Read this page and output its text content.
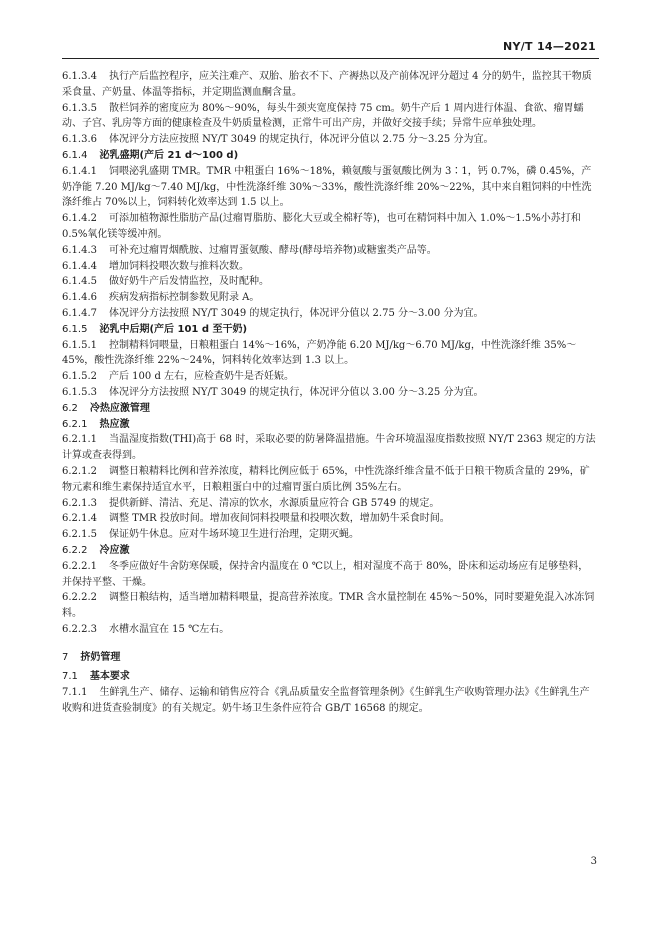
NY/T 14—2021
6.1.3.4 执行产后监控程序，应关注难产、双胎、胎衣不下、产褥热以及产前体况评分超过 4 分的奶牛，监控其干物质采食量、产奶量、体温等指标，并定期监测血酮含量。
6.1.3.5 散栏饲养的密度应为 80%～90%，每头牛颈夹宽度保持 75 cm。奶牛产后 1 周内进行体温、食欲、瘤胃蠕动、子宫、乳房等方面的健康检查及牛奶质量检测，正常牛可出产房，并做好交接手续；异常牛应单独处理。
6.1.3.6 体况评分方法应按照 NY/T 3049 的规定执行，体况评分值以 2.75 分～3.25 分为宜。
6.1.4 泌乳盛期(产后 21 d～100 d)
6.1.4.1 饲喂泌乳盛期 TMR。TMR 中粗蛋白 16%～18%，赖氨酸与蛋氨酸比例为 3∶1，钙 0.7%，磷 0.45%，产奶净能 7.20 MJ/kg～7.40 MJ/kg，中性洗涤纤维 30%～33%，酸性洗涤纤维 20%～22%，其中来自粗饲料的中性洗涤纤维占 70%以上，饲料转化效率达到 1.5 以上。
6.1.4.2 可添加植物源性脂肪产品(过瘤胃脂肪、膨化大豆或全棉籽等)，也可在精饲料中加入 1.0%～1.5%小苏打和 0.5%氧化镁等缓冲剂。
6.1.4.3 可补充过瘤胃烟酰胺、过瘤胃蛋氨酸、酵母(酵母培养物)或糖蜜类产品等。
6.1.4.4 增加饲料投喂次数与推料次数。
6.1.4.5 做好奶牛产后发情监控，及时配种。
6.1.4.6 疾病发病指标控制参数见附录 A。
6.1.4.7 体况评分方法按照 NY/T 3049 的规定执行，体况评分值以 2.75 分～3.00 分为宜。
6.1.5 泌乳中后期(产后 101 d 至干奶)
6.1.5.1 控制精料饲喂量，日粮粗蛋白 14%～16%，产奶净能 6.20 MJ/kg～6.70 MJ/kg，中性洗涤纤维 35%～45%，酸性洗涤纤维 22%～24%，饲料转化效率达到 1.3 以上。
6.1.5.2 产后 100 d 左右，应检查奶牛是否妊娠。
6.1.5.3 体况评分方法按照 NY/T 3049 的规定执行，体况评分值以 3.00 分～3.25 分为宜。
6.2 冷热应激管理
6.2.1 热应激
6.2.1.1 当温湿度指数(THI)高于 68 时，采取必要的防暑降温措施。牛舍环境温湿度指数按照 NY/T 2363 规定的方法计算或查表得到。
6.2.1.2 调整日粮精料比例和营养浓度，精料比例应低于 65%，中性洗涤纤维含量不低于日粮干物质含量的 29%，矿物元素和维生素保持适宜水平，日粮粗蛋白中的过瘤胃蛋白质比例 35%左右。
6.2.1.3 提供新鲜、清洁、充足、清凉的饮水，水源质量应符合 GB 5749 的规定。
6.2.1.4 调整 TMR 投放时间。增加夜间饲料投喂量和投喂次数，增加奶牛采食时间。
6.2.1.5 保证奶牛休息。应对牛场环境卫生进行治理，定期灭蝇。
6.2.2 冷应激
6.2.2.1 冬季应做好牛舍防寒保暖，保持舍内温度在 0 ℃以上，相对湿度不高于 80%，卧床和运动场应有足够垫料，并保持平整、干燥。
6.2.2.2 调整日粮结构，适当增加精料喂量，提高营养浓度。TMR 含水量控制在 45%～50%，同时要避免混入冰冻饲料。
6.2.2.3 水槽水温宜在 15 ℃左右。
7 挤奶管理
7.1 基本要求
7.1.1 生鲜乳生产、储存、运输和销售应符合《乳品质量安全监督管理条例》《生鲜乳生产收购管理办法》《生鲜乳生产收购和进货查验制度》的有关规定。奶牛场卫生条件应符合 GB/T 16568 的规定。
3
